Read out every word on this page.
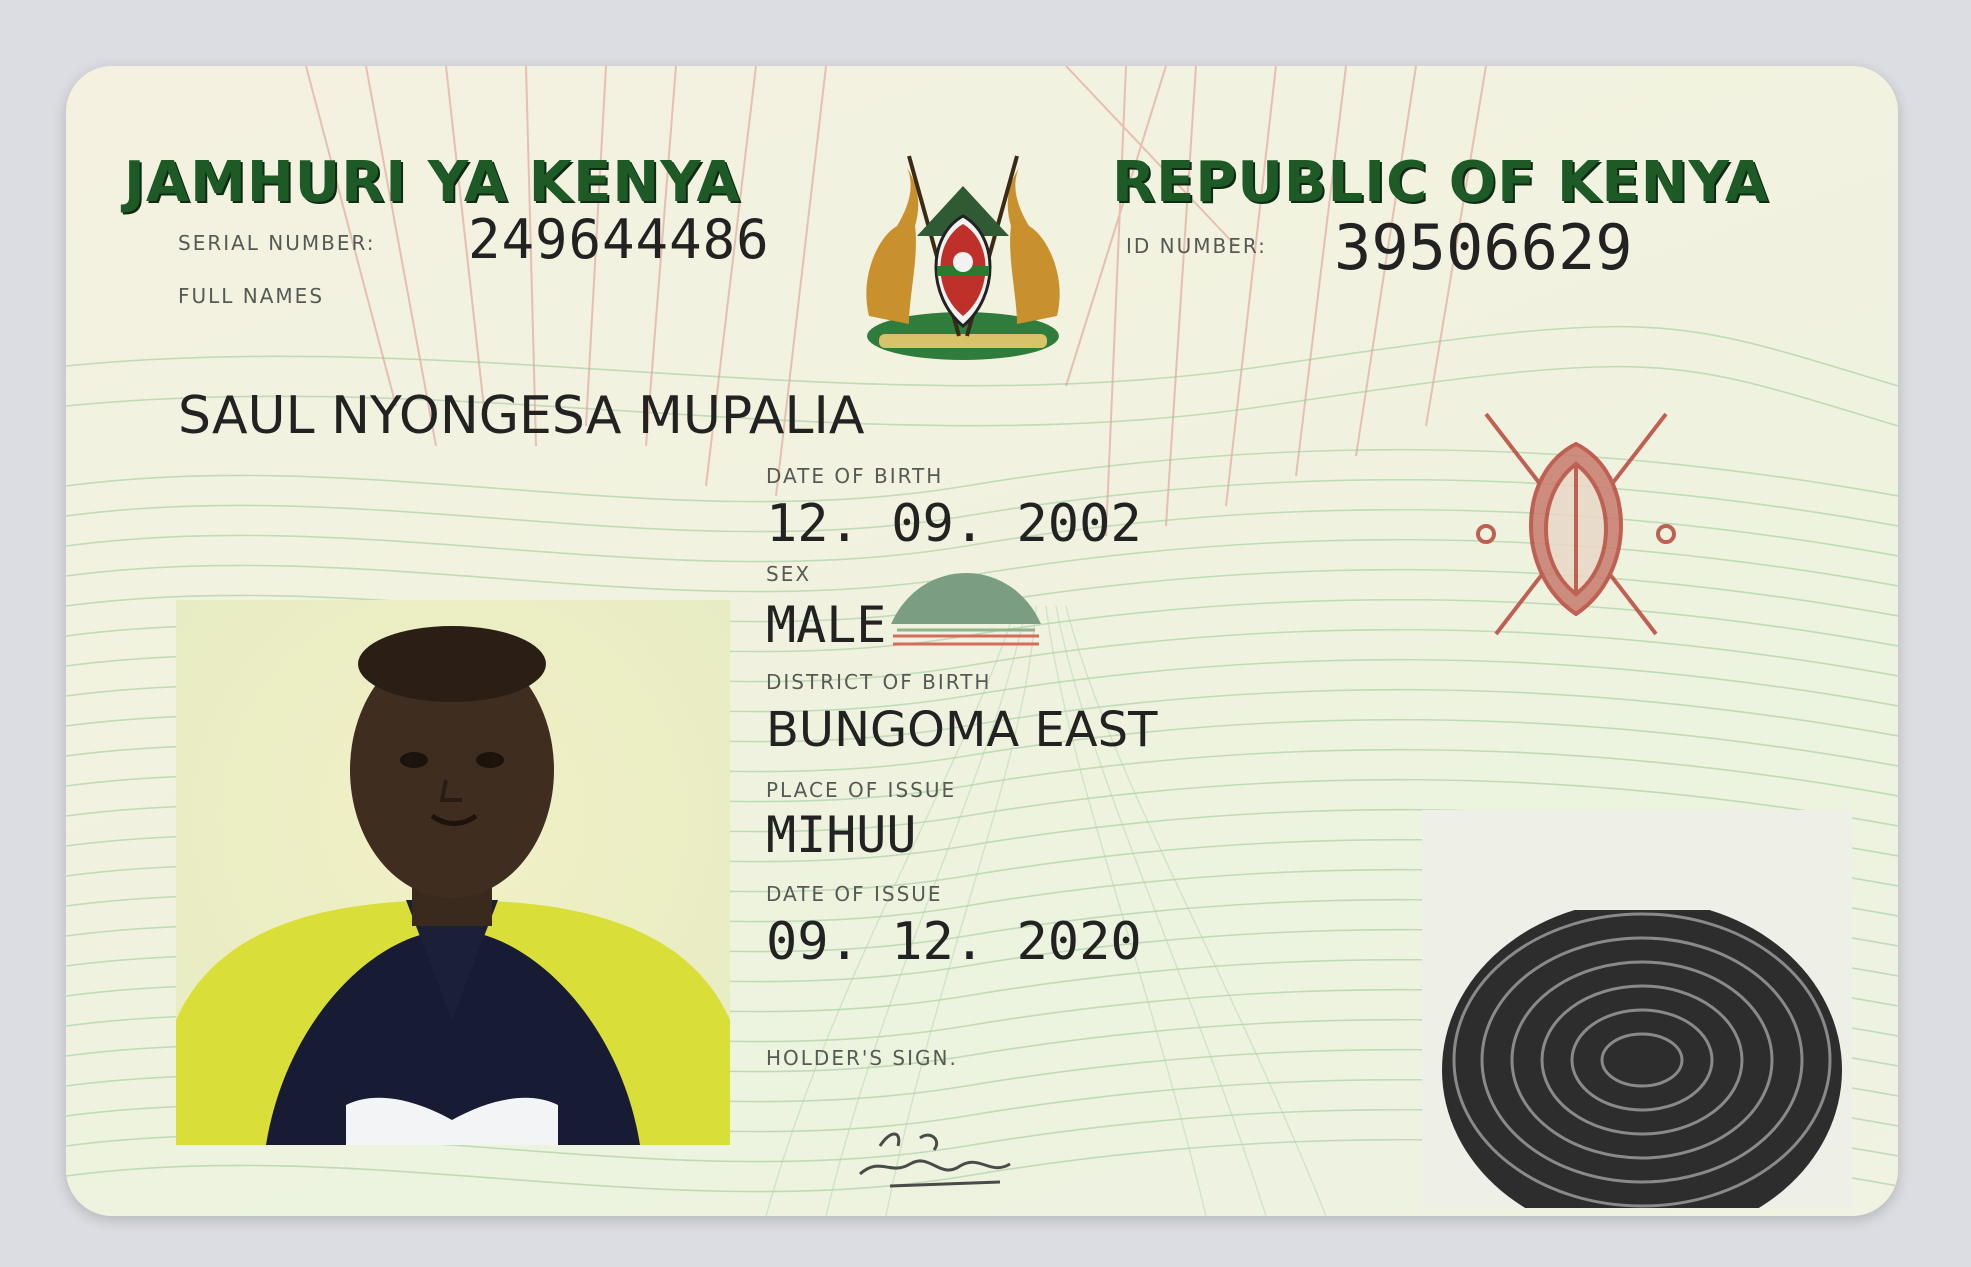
JAMHURI YA KENYA	REPUBLIC OF KENYA
SERIAL NUMBER: 249644486	ID NUMBER: 39506629
FULL NAMES
SAUL NYONGESA MUPALIA
DATE OF BIRTH
12. 09. 2002
SEX
MALE
DISTRICT OF BIRTH
BUNGOMA EAST
PLACE OF ISSUE
MIHUU
DATE OF ISSUE
09. 12. 2020
HOLDER'S SIGN.
